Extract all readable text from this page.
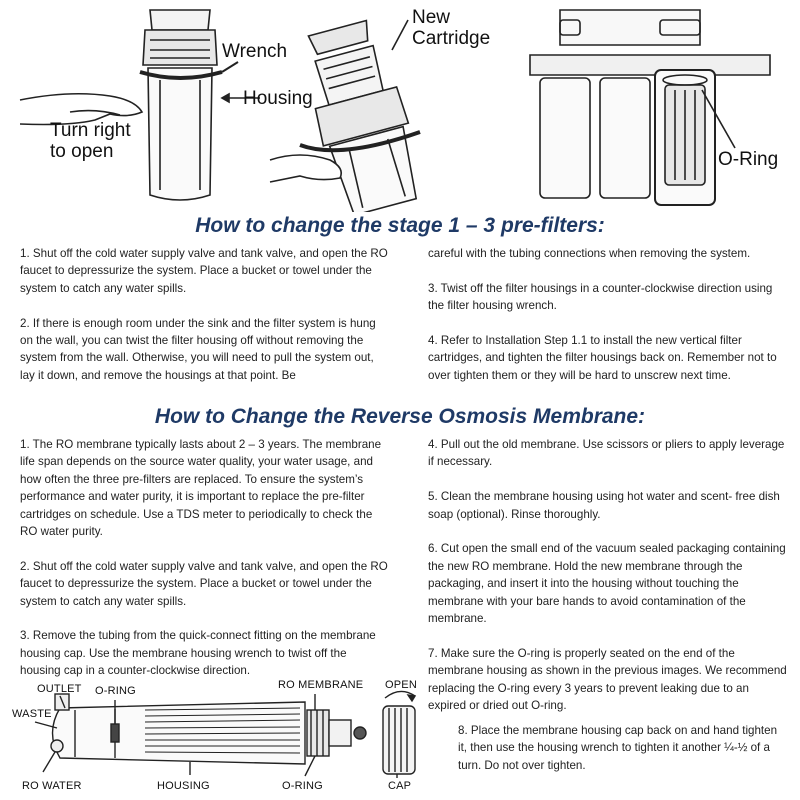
Wrench
Housing
Turn right
to open
New
Cartridge
O-Ring
How to change the stage 1 – 3 pre-filters:

1. Shut off the cold water supply valve and tank valve, and open the RO faucet to depressurize the system. Place a bucket or towel under the system to catch any water spills.

2. If there is enough room under the sink and the filter system is hung on the wall, you can twist the filter housing off without removing the system from the wall. Otherwise, you will need to pull the system out, lay it down, and remove the housings at that point. Be

careful with the tubing connections when removing the system.

3. Twist off the filter housings in a counter-clockwise direction using the filter housing wrench.

4. Refer to Installation Step 1.1 to install the new vertical filter cartridges, and tighten the filter housings back on. Remember not to over tighten them or they will be hard to unscrew next time.

How to Change the Reverse Osmosis Membrane:

1. The RO membrane typically lasts about 2 – 3 years. The membrane life span depends on the source water quality, your water usage, and how often the three pre-filters are replaced. To ensure the system’s performance and water purity, it is important to replace the pre-filter cartridges on schedule. Use a TDS meter to periodically to check the RO water purity.

2. Shut off the cold water supply valve and tank valve, and open the RO faucet to depressurize the system. Place a bucket or towel under the system to catch any water spills.

3. Remove the tubing from the quick-connect fitting on the membrane housing cap. Use the membrane housing wrench to twist off the housing cap in a counter-clockwise direction.

4. Pull out the old membrane. Use scissors or pliers to apply leverage if necessary.

5. Clean the membrane housing using hot water and scent- free dish soap (optional). Rinse thoroughly.

6. Cut open the small end of the vacuum sealed packaging containing the new RO membrane. Hold the new membrane through the packaging, and insert it into the housing without touching the membrane with your bare hands to avoid contamination of the membrane.

7. Make sure the O-ring is properly seated on the end of the membrane housing as shown in the previous images. We recommend replacing the O-ring every 3 years to prevent leaking due to an expired or dried out O-ring.

8. Place the membrane housing cap back on and hand tighten it, then use the housing wrench to tighten it another ¼-½ of a turn. Do not over tighten.
OUTLET O-RING	RO MEMBRANE OPEN
WASTE
RO WATER	HOUSING	O-RING	CAP
